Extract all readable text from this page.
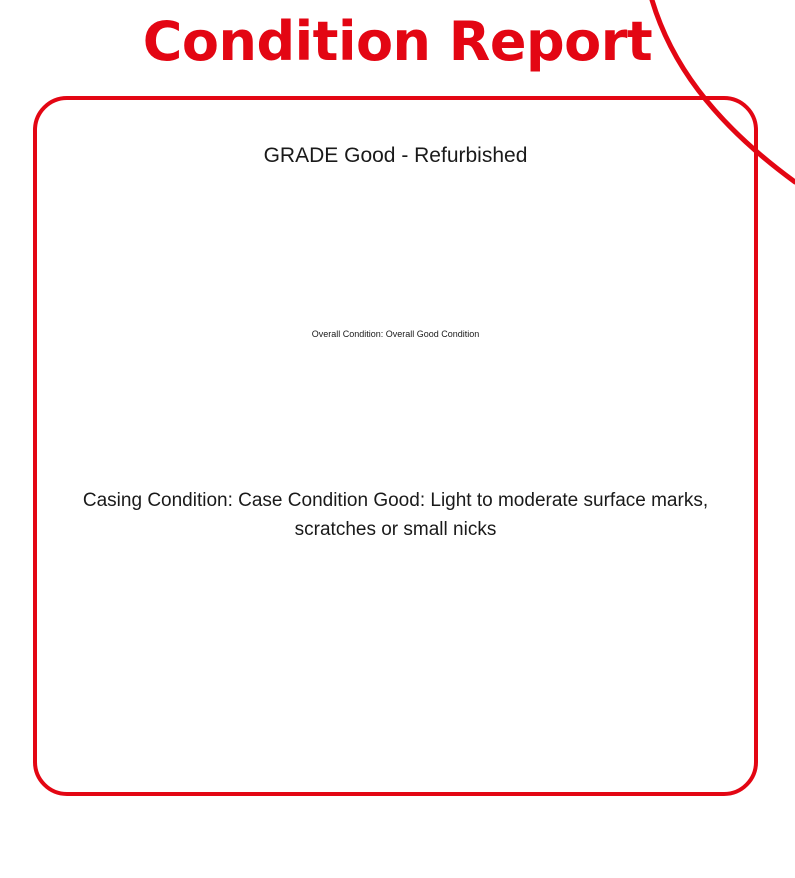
Condition Report
GRADE Good - Refurbished
Overall Condition: Overall Good Condition
Casing Condition: Case Condition Good: Light to moderate surface marks, scratches or small nicks
